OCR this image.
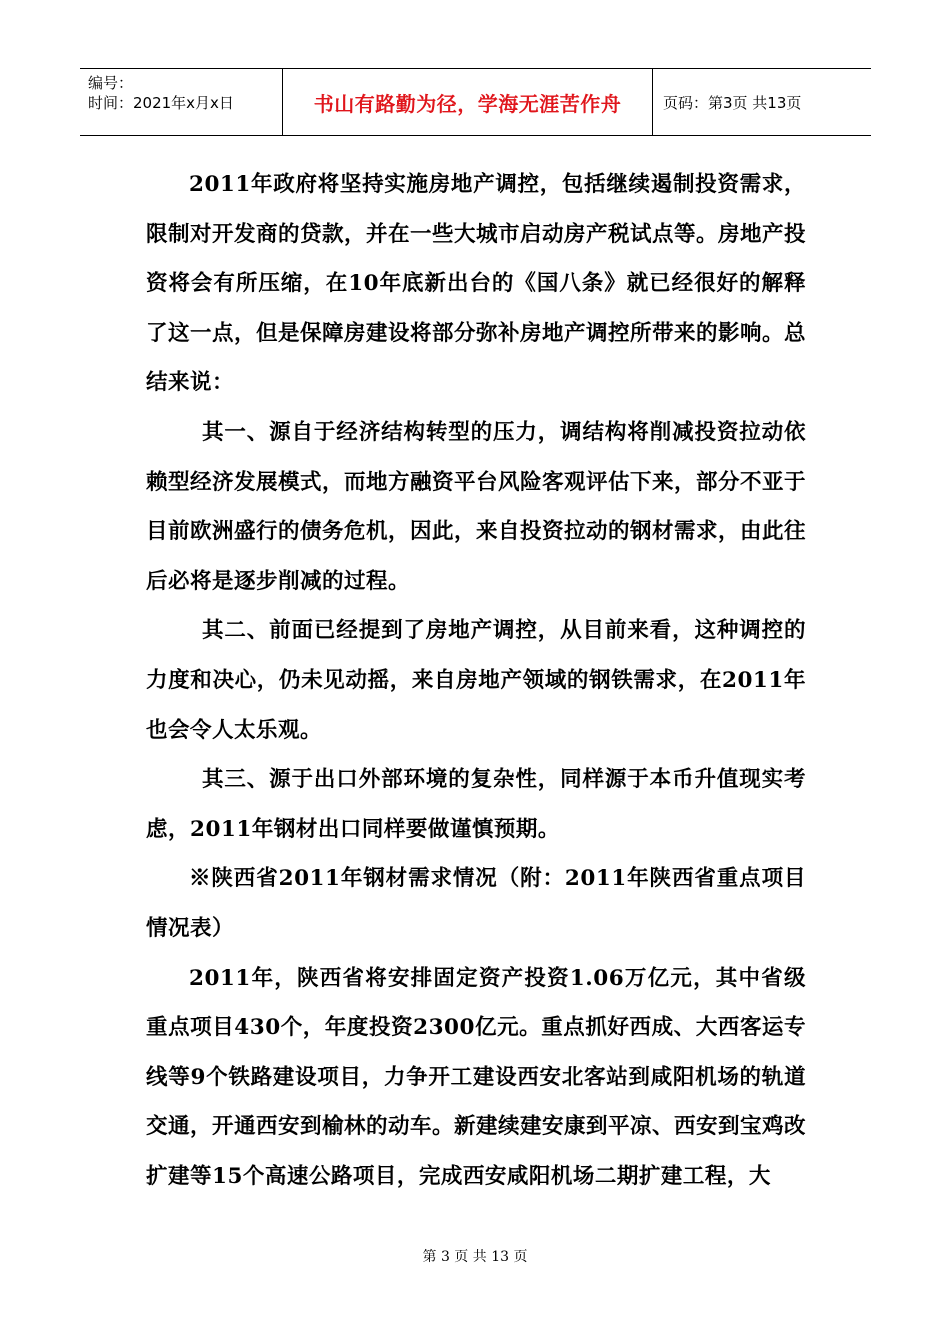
编号：
时间：2021年x月x日	书山有路勤为径，学海无涯苦作舟	页码：第3页 共13页

2011年政府将坚持实施房地产调控，包括继续遏制投资需求，限制对开发商的贷款，并在一些大城市启动房产税试点等。房地产投资将会有所压缩，在10年底新出台的《国八条》就已经很好的解释了这一点，但是保障房建设将部分弥补房地产调控所带来的影响。总结来说：

其一、源自于经济结构转型的压力，调结构将削减投资拉动依赖型经济发展模式，而地方融资平台风险客观评估下来，部分不亚于目前欧洲盛行的债务危机，因此，来自投资拉动的钢材需求，由此往后必将是逐步削减的过程。

其二、前面已经提到了房地产调控，从目前来看，这种调控的力度和决心，仍未见动摇，来自房地产领域的钢铁需求，在2011年也会令人太乐观。

其三、源于出口外部环境的复杂性，同样源于本币升值现实考虑，2011年钢材出口同样要做谨慎预期。

※陕西省2011年钢材需求情况（附：2011年陕西省重点项目情况表）

2011年，陕西省将安排固定资产投资1.06万亿元，其中省级重点项目430个，年度投资2300亿元。重点抓好西成、大西客运专线等9个铁路建设项目，力争开工建设西安北客站到咸阳机场的轨道交通，开通西安到榆林的动车。新建续建安康到平凉、西安到宝鸡改扩建等15个高速公路项目，完成西安咸阳机场二期扩建工程，大

第 3 页 共 13 页
